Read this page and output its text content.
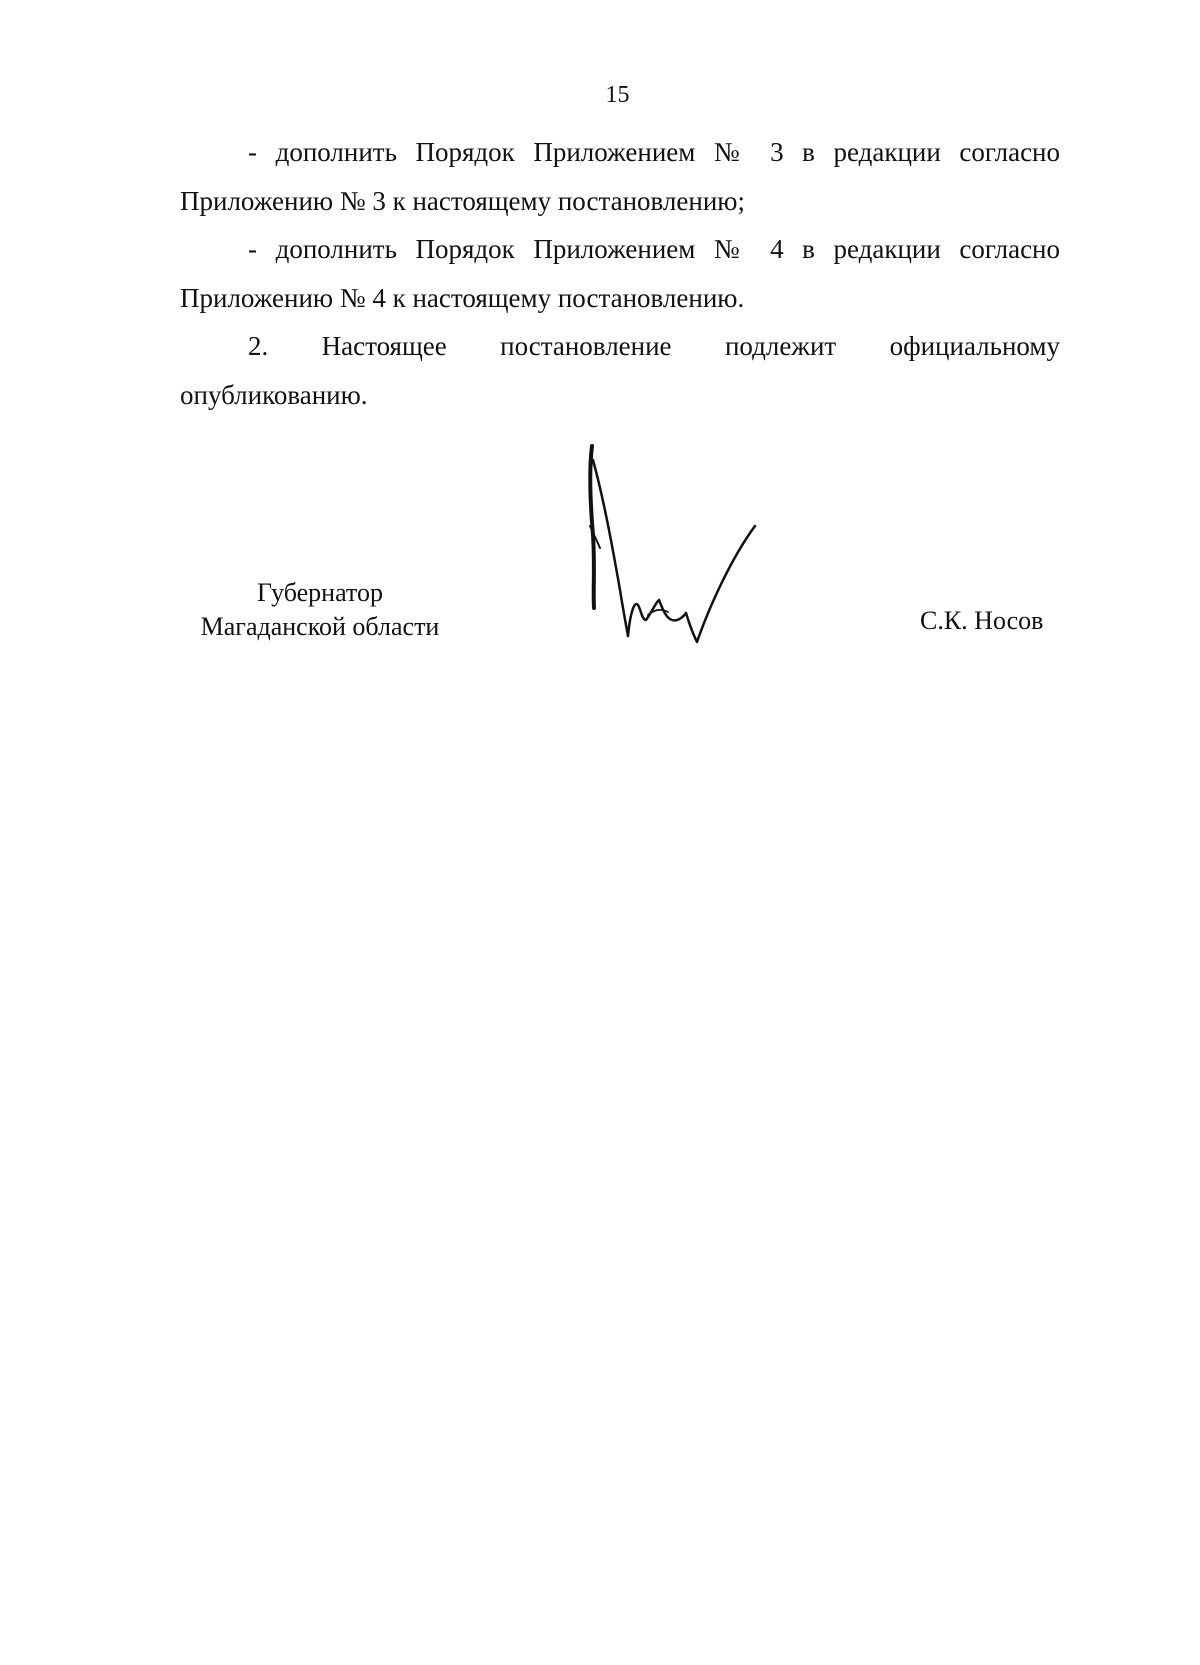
15

- дополнить Порядок Приложением № 3 в редакции согласно Приложению № 3 к настоящему постановлению;

- дополнить Порядок Приложением № 4 в редакции согласно Приложению № 4 к настоящему постановлению.

2. Настоящее постановление подлежит официальному опубликованию.

Губернатор
Магаданской области	С.К. Носов
